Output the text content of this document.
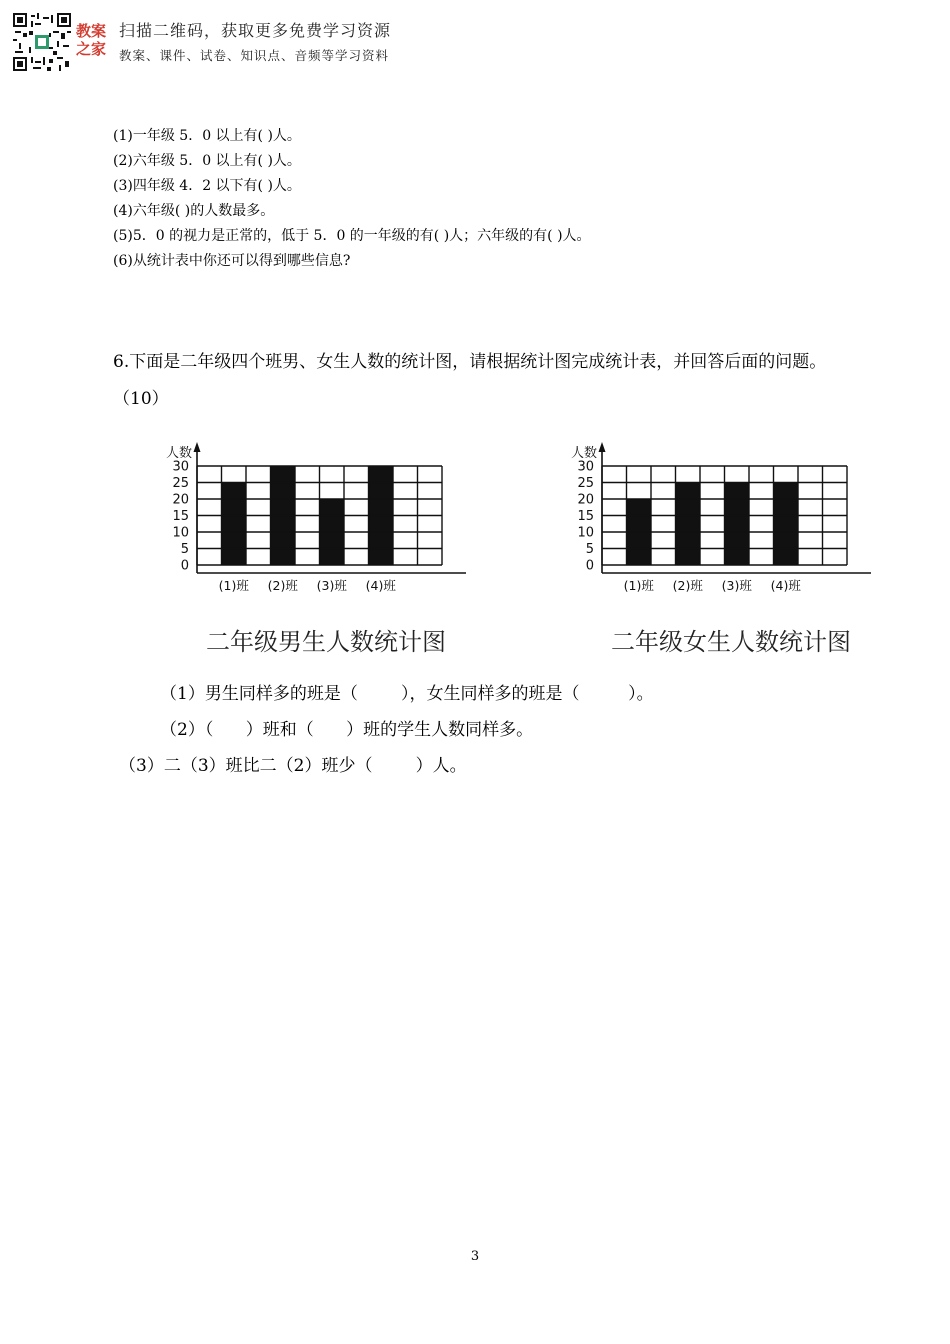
教案
之家
扫描二维码，获取更多免费学习资源
教案、课件、试卷、知识点、音频等学习资料
(1)一年级 5．0 以上有( )人。
(2)六年级 5．0 以上有( )人。
(3)四年级 4．2 以下有( )人。
(4)六年级( )的人数最多。
(5)5．0 的视力是正常的，低于 5．0 的一年级的有( )人；六年级的有( )人。
(6)从统计表中你还可以得到哪些信息?
6.下面是二年级四个班男、女生人数的统计图，请根据统计图完成统计表，并回答后面的问题。（10）
人数
30
25
20
15
10
5
0
(1)班 (2)班 (3)班 (4)班
二年级男生人数统计图
人数
30
25
20
15
10
5
0
(1)班 (2)班 (3)班 (4)班
二年级女生人数统计图
（1）男生同样多的班是（        ），女生同样多的班是（         ）。
（2）（      ）班和（      ）班的学生人数同样多。
（3）二（3）班比二（2）班少（        ）人。
3
